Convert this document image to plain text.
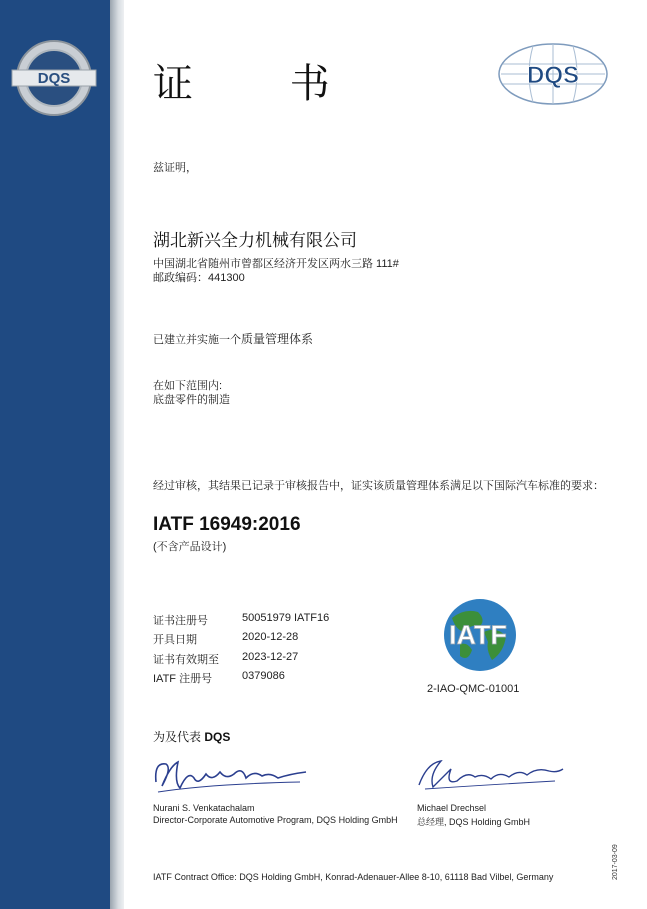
DQS	DQS
证 书
兹证明，
湖北新兴全力机械有限公司
中国湖北省随州市曾都区经济开发区两水三路 111#
邮政编码：441300
已建立并实施一个质量管理体系
在如下范围内:
底盘零件的制造
经过审核，其结果已记录于审核报告中，证实该质量管理体系满足以下国际汽车标准的要求：
IATF 16949:2016
(不含产品设计)
证书注册号	50051979 IATF16
开具日期	2020-12-28
证书有效期至 2023-12-27
IATF 注册号	0379086
IATF
2-IAO-QMC-01001
为及代表 DQS
Nurani S. Venkatachalam
Director-Corporate Automotive Program, DQS Holding GmbH
Michael Drechsel
总经理, DQS Holding GmbH
IATF Contract Office: DQS Holding GmbH, Konrad-Adenauer-Allee 8-10, 61118 Bad Vilbel, Germany	2017-03-09
